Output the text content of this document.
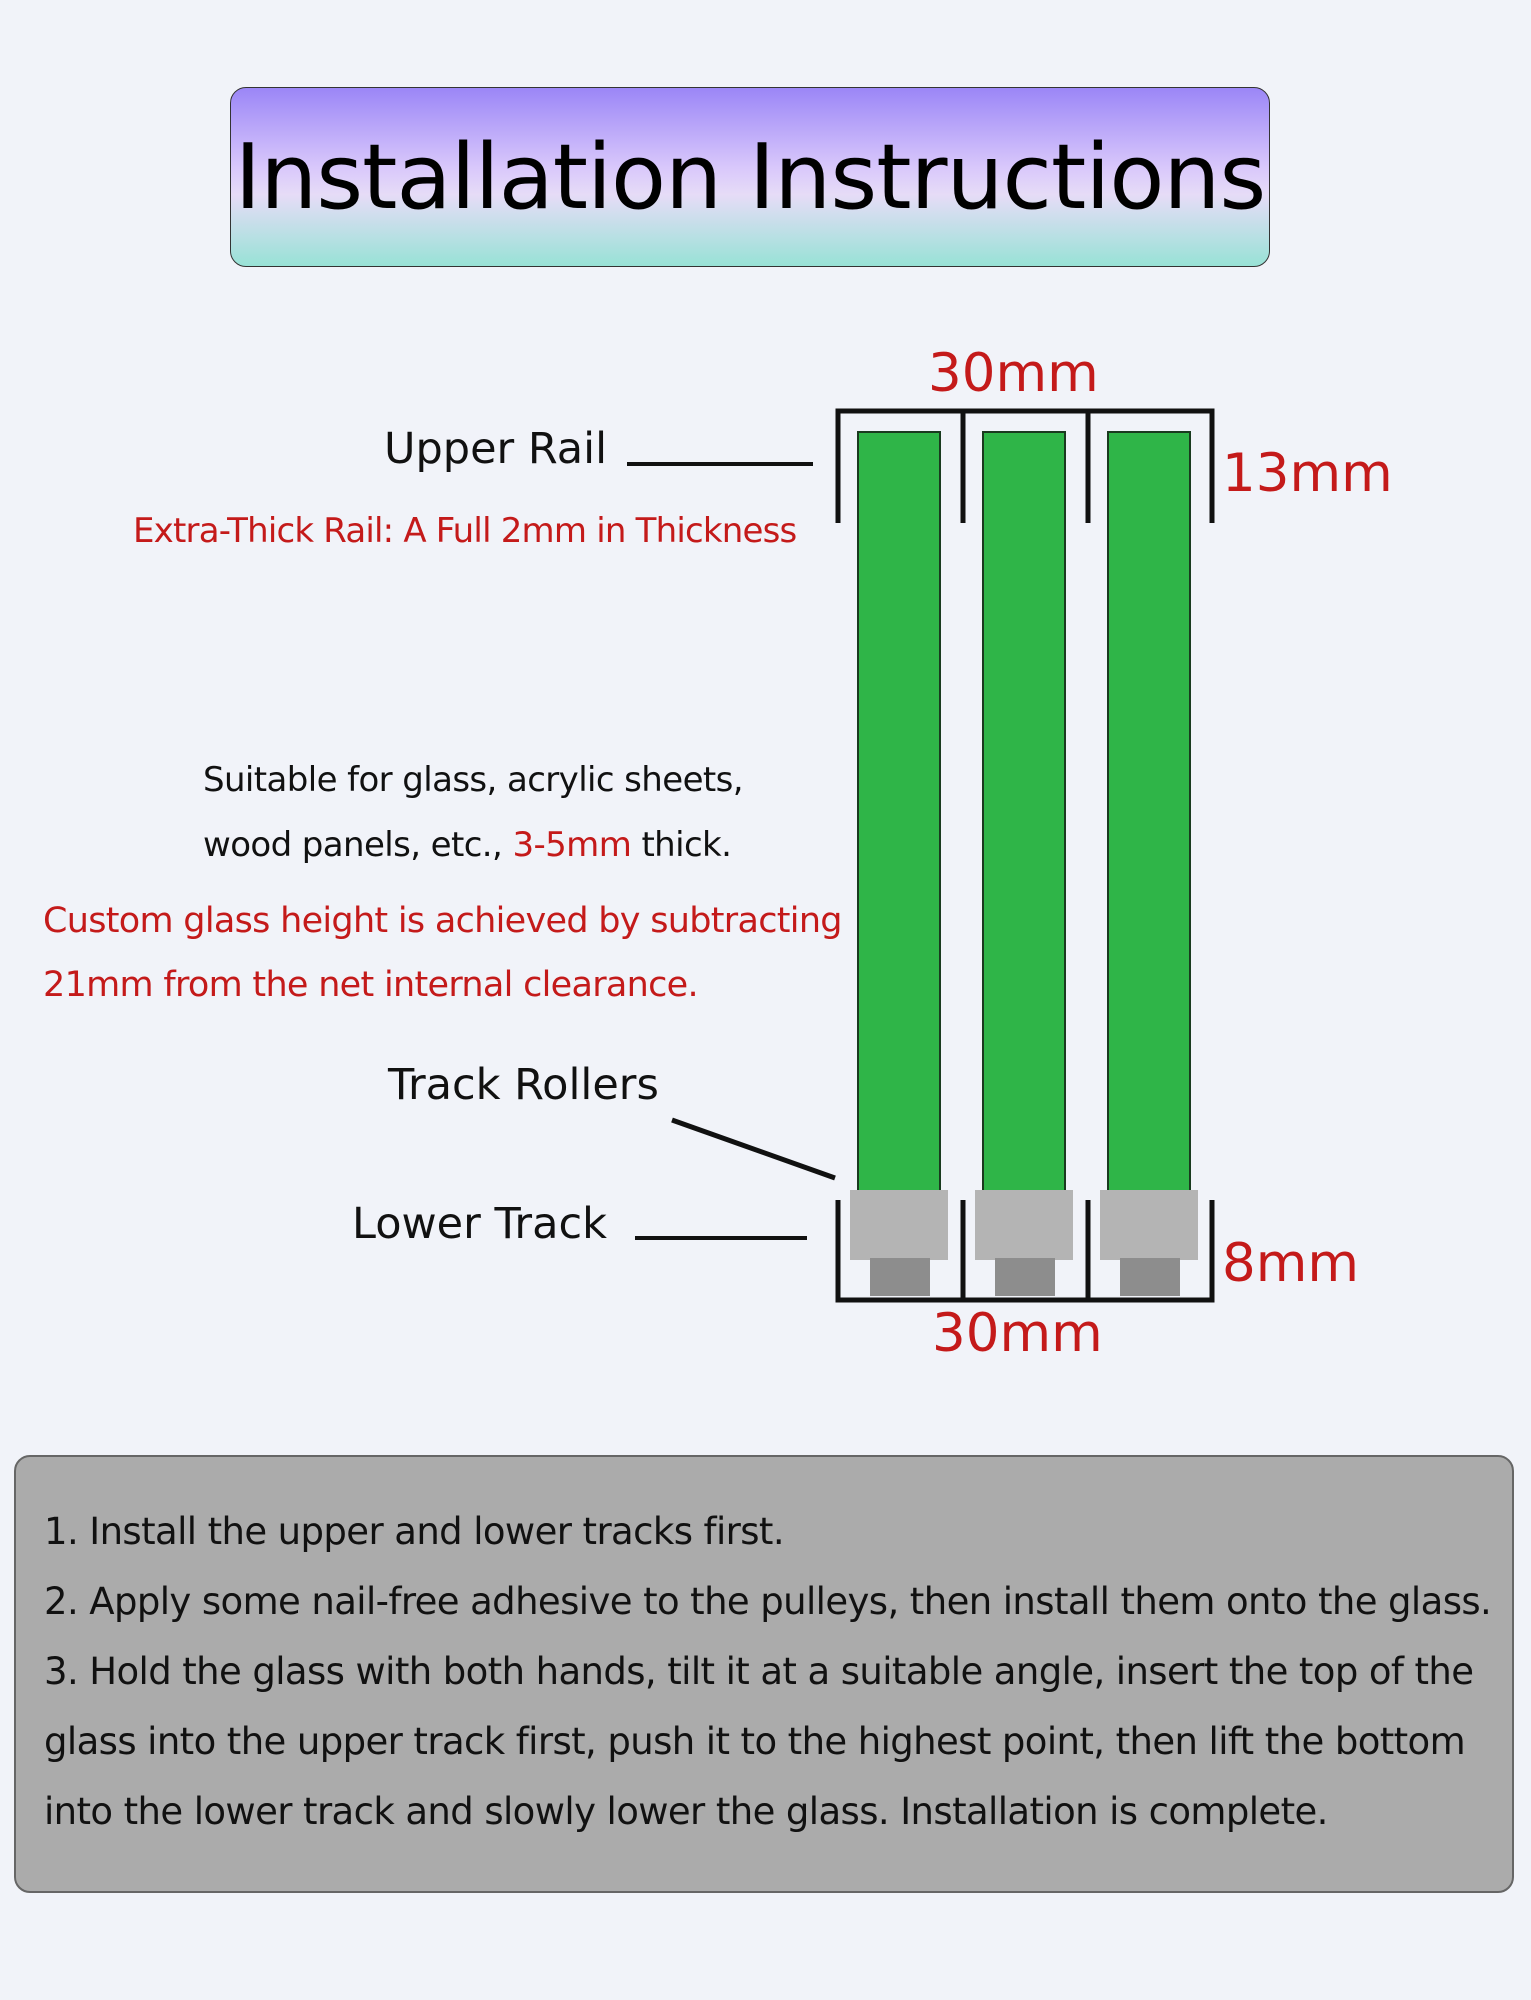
Installation Instructions
30mm
13mm
8mm
30mm
Upper Rail
Extra-Thick Rail: A Full 2mm in Thickness
Suitable for glass, acrylic sheets,
wood panels, etc., 3-5mm thick.
Custom glass height is achieved by subtracting
21mm from the net internal clearance.
Track Rollers
Lower Track
1. Install the upper and lower tracks first.
2. Apply some nail-free adhesive to the pulleys, then install them onto the glass.
3. Hold the glass with both hands, tilt it at a suitable angle, insert the top of the
glass into the upper track first, push it to the highest point, then lift the bottom
into the lower track and slowly lower the glass. Installation is complete.
